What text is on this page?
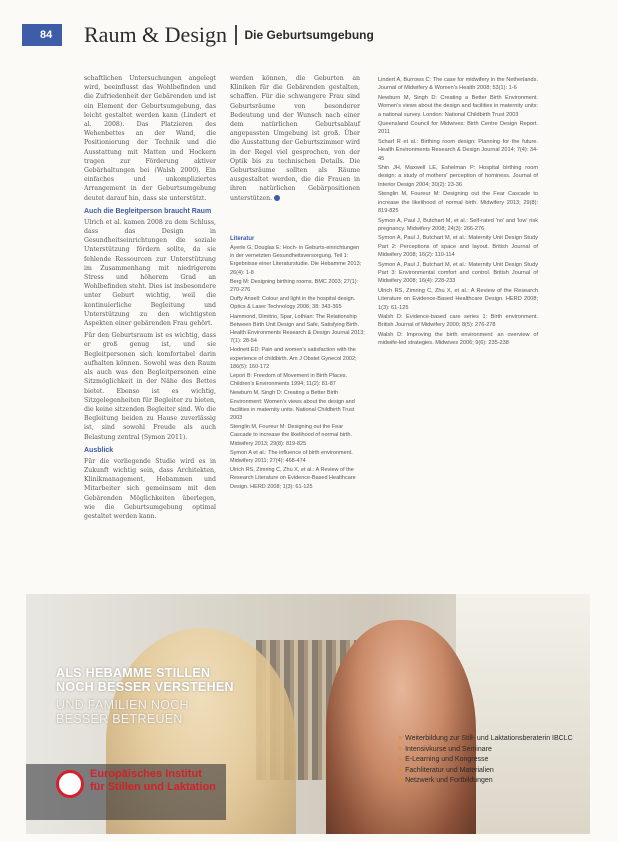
84	Raum & Design Die Geburtsumgebung

schaftlichen Untersuchungen angelegt wird, beeinflusst das Wohlbefinden und die Zufriedenheit der Gebärenden und ist ein Element der Geburtsumgebung, das leicht gestaltet werden kann (Lindert et al. 2008). Das Platzieren des Wehenbettes an der Wand, die Positionierung der Technik und die Ausstattung mit Matten und Hockern tragen zur Förderung aktiver Gebärhaltungen bei (Walsh 2000). Ein einfaches und unkompliziertes Arrangement in der Geburtsumgebung deutet darauf hin, dass sie unterstützt.

Auch die Begleitperson braucht Raum

Ulrich et al. kamen 2008 zu dem Schluss, dass das Design in Gesundheitseinrichtungen die soziale Unterstützung fördern sollte, da sie fehlende Ressourcen zur Unterstützung im Zusammenhang mit niedrigerem Stress und höherem Grad an Wohlbefinden steht. Dies ist insbesondere unter Geburt wichtig, weil die kontinuierliche Begleitung und Unterstützung zu den wichtigsten Aspekten einer gebärenden Frau gehört.

Für den Geburtsraum ist es wichtig, dass er groß genug ist, und sie Begleitpersonen sich komfortabel darin aufhalten können. Sowohl was den Raum als auch was den Begleitpersonen eine Sitzmöglichkeit in der Nähe des Bettes bietet. Ebenso ist es wichtig, Sitzgelegenheiten für Begleiter zu bieten, die keine sitzenden Begleiter sind. Wo die Begleitung beiden zu Hause zuverlässig ist, sind sowohl Freude als auch Belastung zentral (Symon 2011).

Ausblick

Für die vorliegende Studie wird es in Zukunft wichtig sein, dass Architekten, Klinikmanagement, Hebammen und Mitarbeiter sich gemeinsam mit den Gebärenden Möglichkeiten überlegen, wie die Geburtsumgebung optimal gestaltet werden kann.

werden können, die Geburten an Kliniken für die Gebärenden gestalten, schaffen. Für die schwangere Frau sind Geburtsräume von besonderer Bedeutung und der Wunsch nach einer dem natürlichen Geburtsablauf angepassten Umgebung ist groß. Über die Ausstattung der Geburtszimmer wird in der Regel viel gesprochen, von der Optik bis zu technischen Details. Die Geburtsräume sollten als Räume ausgestaltet werden, die die Frauen in ihren natürlichen Gebärpositionen unterstützen.

Literatur

Ayerle G, Douglas E: Hoch- in Geburts-einrichtungen in der vernetzten Gesundheitsversorgung. Teil 1: Ergebnisse einer Literaturstudie. Die Hebamme 2013; 26(4): 1-8

Berg M: Designing birthing rooms. BMC 2003; 27(1): 270-276

Duffy Ansell: Colour and light in the hospital design. Optics & Laser Technology 2006; 38: 343-365

Hammond, Dimitrio, Spar, Lothian: The Relationship Between Birth Unit Design and Safe, Satisfying Birth. Health Environments Research & Design Journal 2013; 7(1): 28-54

Hodnett ED: Pain and women's satisfaction with the experience of childbirth. Am J Obstet Gynecol 2002; 186(5): 160-172

Lepori B: Freedom of Movement in Birth Places. Children's Environments 1994; 11(2): 81-87

Newburn M, Singh D: Creating a Better Birth Environment: Women's views about the design and facilities in maternity units. National Childbirth Trust 2003

Stenglin M, Foureur M: Designing out the Fear Cascade to increase the likelihood of normal birth. Midwifery 2013; 29(8): 819-825

Symon A et al.: The influence of birth environment. Midwifery 2011; 27(4): 468-474

Ulrich RS, Zimring C, Zhu X, et al.: A Review of the Research Literature on Evidence-Based Healthcare Design. HERD 2008; 1(3): 61-125

Lindert A, Burrows C: The case for midwifery in the Netherlands. Journal of Midwifery & Women's Health 2008; 53(1): 1-6

Newburn M, Singh D: Creating a Better Birth Environment. Women's views about the design and facilities in maternity units: a national survey. London: National Childbirth Trust 2003

Queensland Council for Midwives: Birth Centre Design Report. 2011

Scharf R et al.: Birthing room design: Planning for the future. Health Environments Research & Design Journal 2014; 7(4): 34-45

Shin JH, Maxwell LE, Eshelman P: Hospital birthing room design: a study of mothers' perception of hominess. Journal of Interior Design 2004; 30(2): 23-36

Stenglin M, Foureur M: Designing out the Fear Cascade to increase the likelihood of normal birth. Midwifery 2013; 29(8): 819-825

Symon A, Paul J, Butchart M, et al.: Self-rated 'no' and 'low' risk pregnancy. Midwifery 2008; 24(3): 266-276

Symon A, Paul J, Butchart M, et al.: Maternity Unit Design Study Part 2: Perceptions of space and layout. British Journal of Midwifery 2008; 16(2): 110-114

Symon A, Paul J, Butchart M, et al.: Maternity Unit Design Study Part 3: Environmental comfort and control. British Journal of Midwifery 2008; 16(4): 228-233

Ulrich RS, Zimring C, Zhu X, et al.: A Review of the Research Literature on Evidence-Based Healthcare Design. HERD 2008; 1(3): 61-125

Walsh D: Evidence-based care series 1: Birth environment. British Journal of Midwifery 2000; 8(5): 276-278

Walsh D: Improving the birth environment: an overview of midwife-led strategies. Midwives 2006; 9(6): 235-238

ALS HEBAMME STILLEN
NOCH BESSER VERSTEHEN
UND FAMILIEN NOCH
BESSER BETREUEN
Europäisches Institut
für Stillen und Laktation
> Weiterbildung zur Still- und Laktationsberaterin IBCLC
> Intensivkurse und Seminare
> E-Learning und Kongresse
> Fachliteratur und Materialien
> Netzwerk und Fortbildungen
